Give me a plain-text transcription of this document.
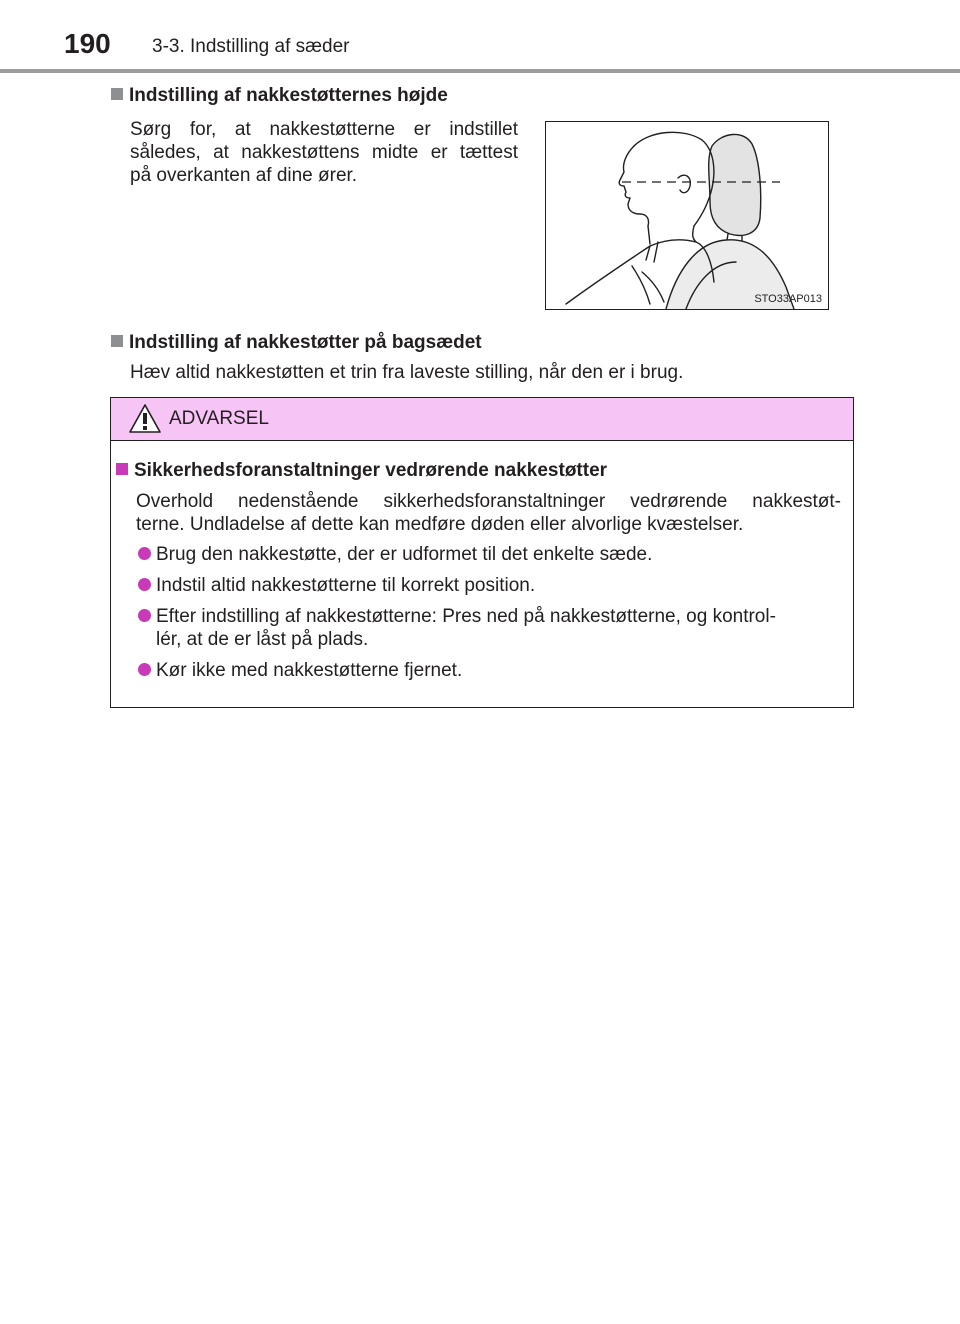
190 3-3. Indstilling af sæder
Indstilling af nakkestøtternes højde
Sørg for, at nakkestøtterne er indstillet
således, at nakkestøttens midte er tættest
på overkanten af dine ører.
STO33AP013
Indstilling af nakkestøtter på bagsædet
Hæv altid nakkestøtten et trin fra laveste stilling, når den er i brug.
ADVARSEL
Sikkerhedsforanstaltninger vedrørende nakkestøtter
Overhold nedenstående sikkerhedsforanstaltninger vedrørende nakkestøt-
terne. Undladelse af dette kan medføre døden eller alvorlige kvæstelser.
Brug den nakkestøtte, der er udformet til det enkelte sæde.
Indstil altid nakkestøtterne til korrekt position.
Efter indstilling af nakkestøtterne: Pres ned på nakkestøtterne, og kontrol-
lér, at de er låst på plads.
Kør ikke med nakkestøtterne fjernet.
